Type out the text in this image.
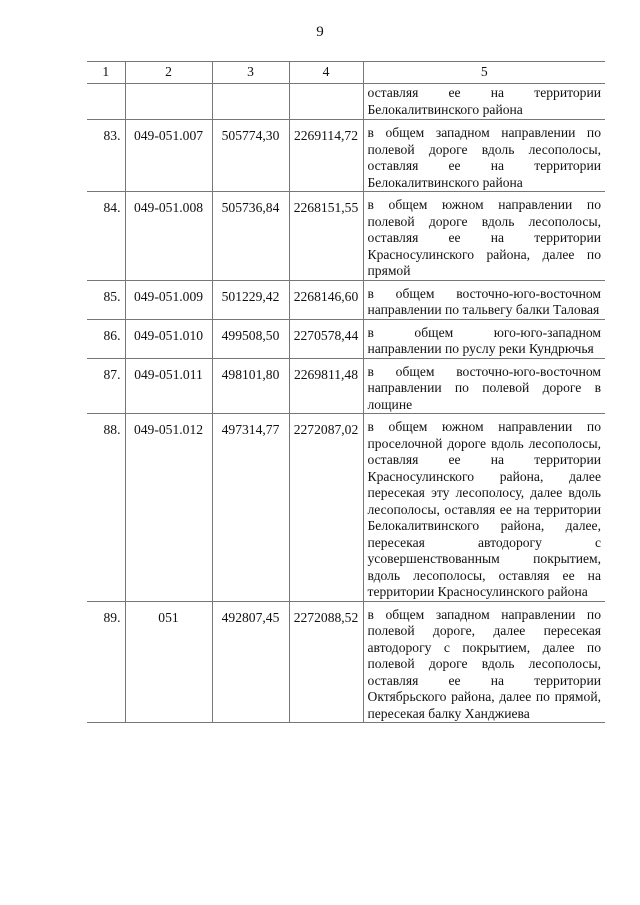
9
1	2	3	4	5
				оставляя ее на территории Белокалитвинского района
83.	049-051.007	505774,30	2269114,72	в общем западном направлении по полевой дороге вдоль лесополосы, оставляя ее на территории Белокалитвинского района
84.	049-051.008	505736,84	2268151,55	в общем южном направлении по полевой дороге вдоль лесополосы, оставляя ее на территории Красносулинского района, далее по прямой
85.	049-051.009	501229,42	2268146,60	в общем восточно-юго-восточном направлении по тальвегу балки Таловая
86.	049-051.010	499508,50	2270578,44	в общем юго-юго-западном направлении по руслу реки Кундрючья
87.	049-051.011	498101,80	2269811,48	в общем восточно-юго-восточном направлении по полевой дороге в лощине
88.	049-051.012	497314,77	2272087,02	в общем южном направлении по проселочной дороге вдоль лесополосы, оставляя ее на территории Красносулинского района, далее пересекая эту лесополосу, далее вдоль лесополосы, оставляя ее на территории Белокалитвинского района, далее, пересекая автодорогу с усовершенствованным покрытием, вдоль лесополосы, оставляя ее на территории Красносулинского района
89.	051	492807,45	2272088,52	в общем западном направлении по полевой дороге, далее пересекая автодорогу с покрытием, далее по полевой дороге вдоль лесополосы, оставляя ее на территории Октябрьского района, далее по прямой, пересекая балку Ханджиева
